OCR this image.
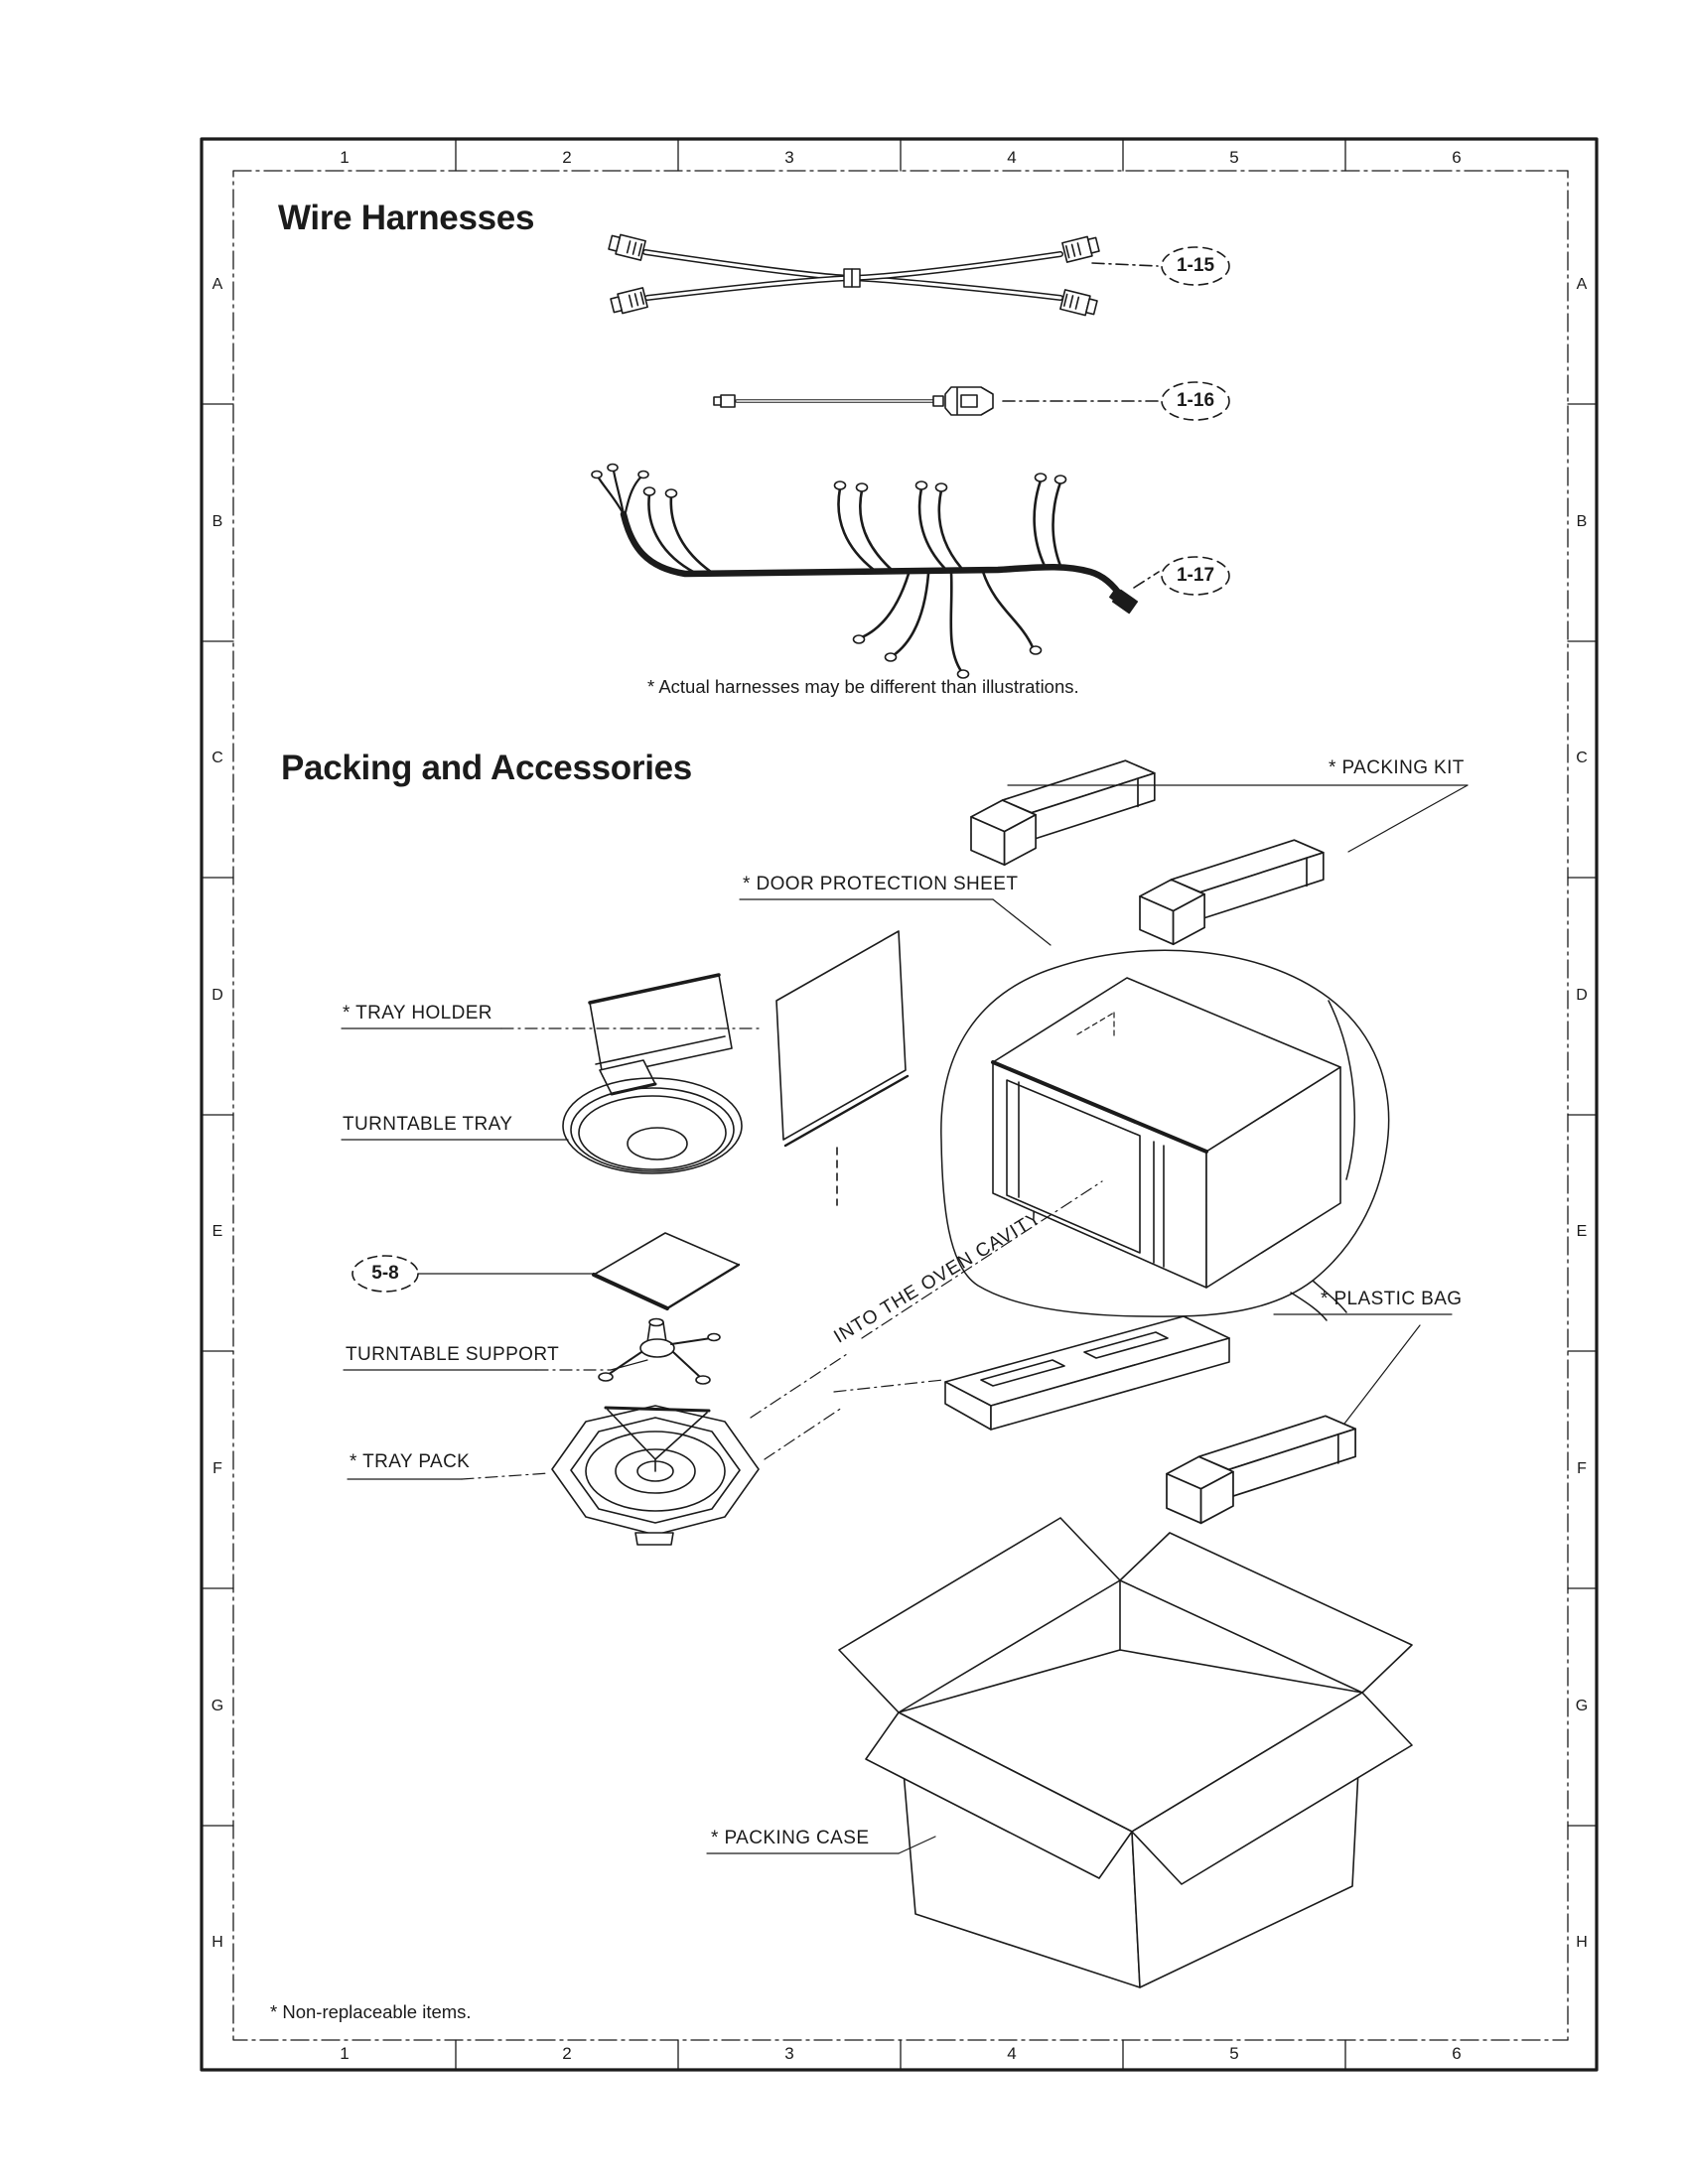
Wire Harnesses
Packing and Accessories
1-15
1-16
1-17
5-8
* Actual harnesses may be different than illustrations.
* PACKING KIT
* DOOR PROTECTION SHEET
* TRAY HOLDER
TURNTABLE TRAY
TURNTABLE SUPPORT
* TRAY PACK
* PLASTIC BAG
INTO THE OVEN CAVITY
* PACKING CASE
* Non-replaceable items.
1	2	3	4	5	6
1	2	3	4	5	6
A
B
C
D
E
F
G
H
A
B
C
D
E
F
G
H
